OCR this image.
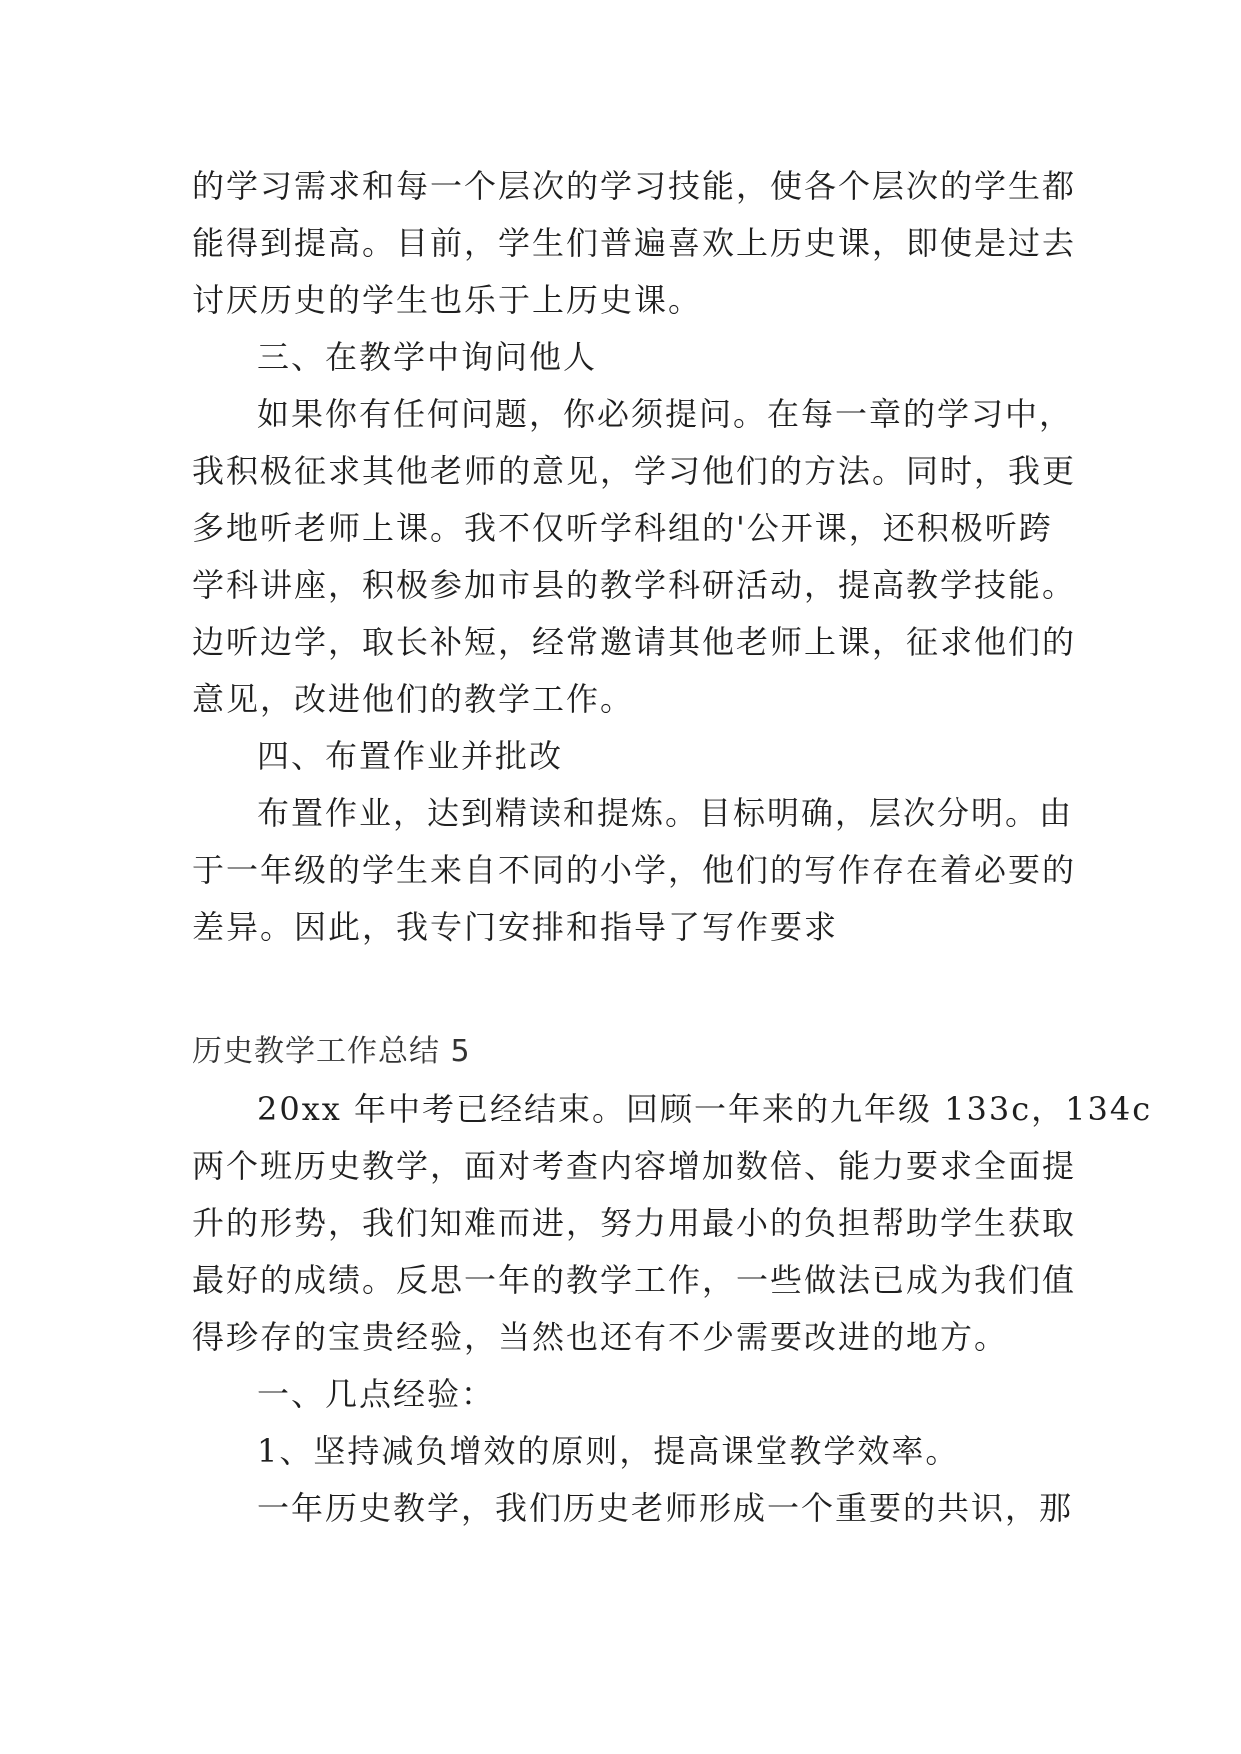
的学习需求和每一个层次的学习技能，使各个层次的学生都

能得到提高。目前，学生们普遍喜欢上历史课，即使是过去

讨厌历史的学生也乐于上历史课。

三、在教学中询问他人

如果你有任何问题，你必须提问。在每一章的学习中，

我积极征求其他老师的意见，学习他们的方法。同时，我更

多地听老师上课。我不仅听学科组的'公开课，还积极听跨

学科讲座，积极参加市县的教学科研活动，提高教学技能。

边听边学，取长补短，经常邀请其他老师上课，征求他们的

意见，改进他们的教学工作。

四、布置作业并批改

布置作业，达到精读和提炼。目标明确，层次分明。由

于一年级的学生来自不同的小学，他们的写作存在着必要的

差异。因此，我专门安排和指导了写作要求

历史教学工作总结 5

20xx 年中考已经结束。回顾一年来的九年级 133c，134c

两个班历史教学，面对考查内容增加数倍、能力要求全面提

升的形势，我们知难而进，努力用最小的负担帮助学生获取

最好的成绩。反思一年的教学工作，一些做法已成为我们值

得珍存的宝贵经验，当然也还有不少需要改进的地方。

一、几点经验：

1、坚持减负增效的原则，提高课堂教学效率。

一年历史教学，我们历史老师形成一个重要的共识，那
